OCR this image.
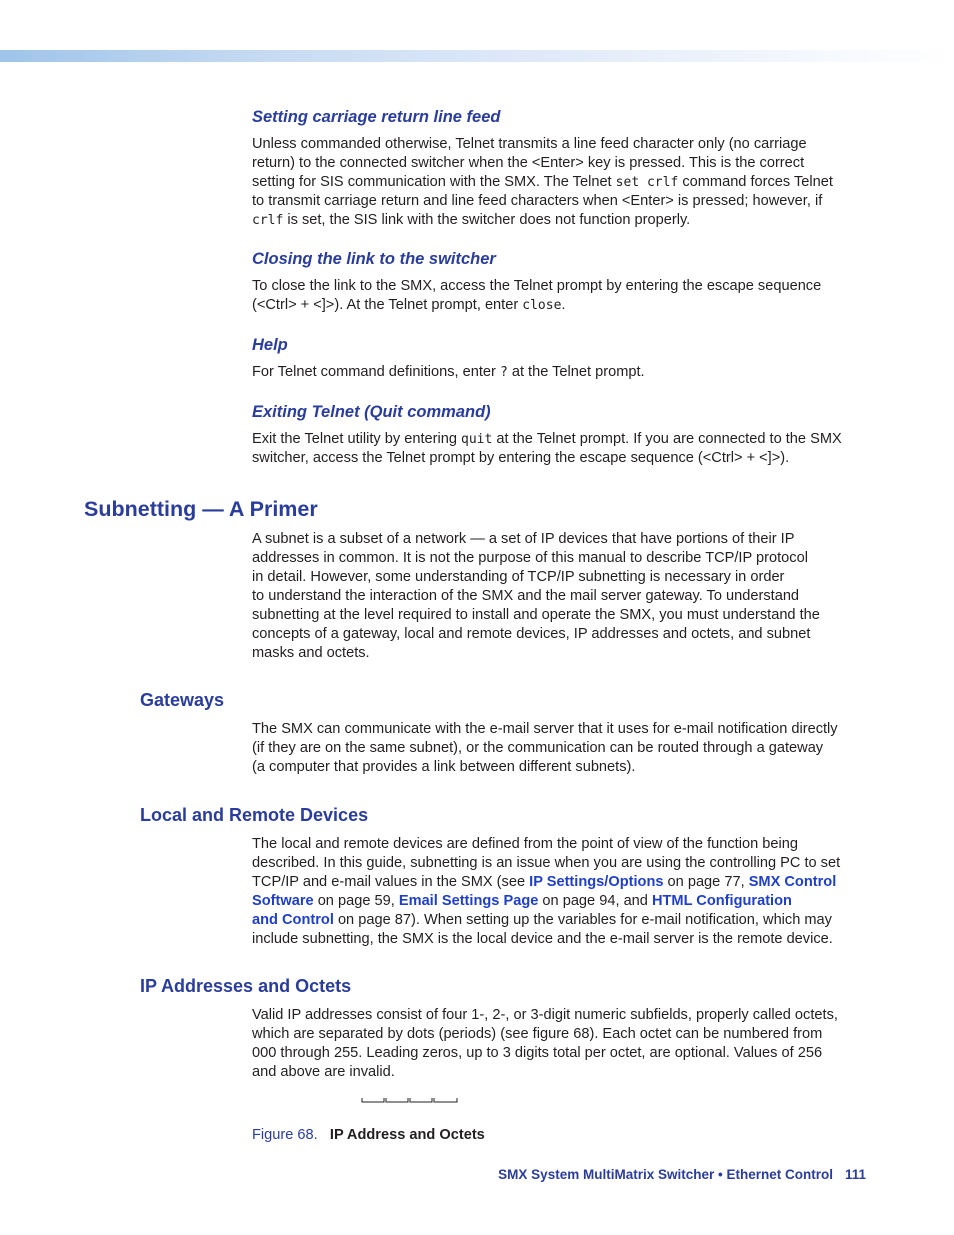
Setting carriage return line feed

Unless commanded otherwise, Telnet transmits a line feed character only (no carriage
return) to the connected switcher when the <Enter> key is pressed. This is the correct
setting for SIS communication with the SMX. The Telnet set crlf command forces Telnet
to transmit carriage return and line feed characters when <Enter> is pressed; however, if
crlf is set, the SIS link with the switcher does not function properly.

Closing the link to the switcher

To close the link to the SMX, access the Telnet prompt by entering the escape sequence
(<Ctrl> + <]>). At the Telnet prompt, enter close.

Help

For Telnet command definitions, enter ? at the Telnet prompt.

Exiting Telnet (Quit command)

Exit the Telnet utility by entering quit at the Telnet prompt. If you are connected to the SMX
switcher, access the Telnet prompt by entering the escape sequence (<Ctrl> + <]>).

Subnetting — A Primer

A subnet is a subset of a network — a set of IP devices that have portions of their IP
addresses in common. It is not the purpose of this manual to describe TCP/IP protocol
in detail. However, some understanding of TCP/IP subnetting is necessary in order
to understand the interaction of the SMX and the mail server gateway. To understand
subnetting at the level required to install and operate the SMX, you must understand the
concepts of a gateway, local and remote devices, IP addresses and octets, and subnet
masks and octets.

Gateways

The SMX can communicate with the e-mail server that it uses for e-mail notification directly
(if they are on the same subnet), or the communication can be routed through a gateway
(a computer that provides a link between different subnets).

Local and Remote Devices

The local and remote devices are defined from the point of view of the function being
described. In this guide, subnetting is an issue when you are using the controlling PC to set
TCP/IP and e-mail values in the SMX (see IP Settings/Options on page 77, SMX Control
Software on page 59, Email Settings Page on page 94, and HTML Configuration
and Control on page 87). When setting up the variables for e-mail notification, which may
include subnetting, the SMX is the local device and the e-mail server is the remote device.

IP Addresses and Octets

Valid IP addresses consist of four 1-, 2-, or 3-digit numeric subfields, properly called octets,
which are separated by dots (periods) (see figure 68). Each octet can be numbered from
000 through 255. Leading zeros, up to 3 digits total per octet, are optional. Values of 256
and above are invalid.

Figure 68. IP Address and Octets

SMX System MultiMatrix Switcher • Ethernet Control 111
